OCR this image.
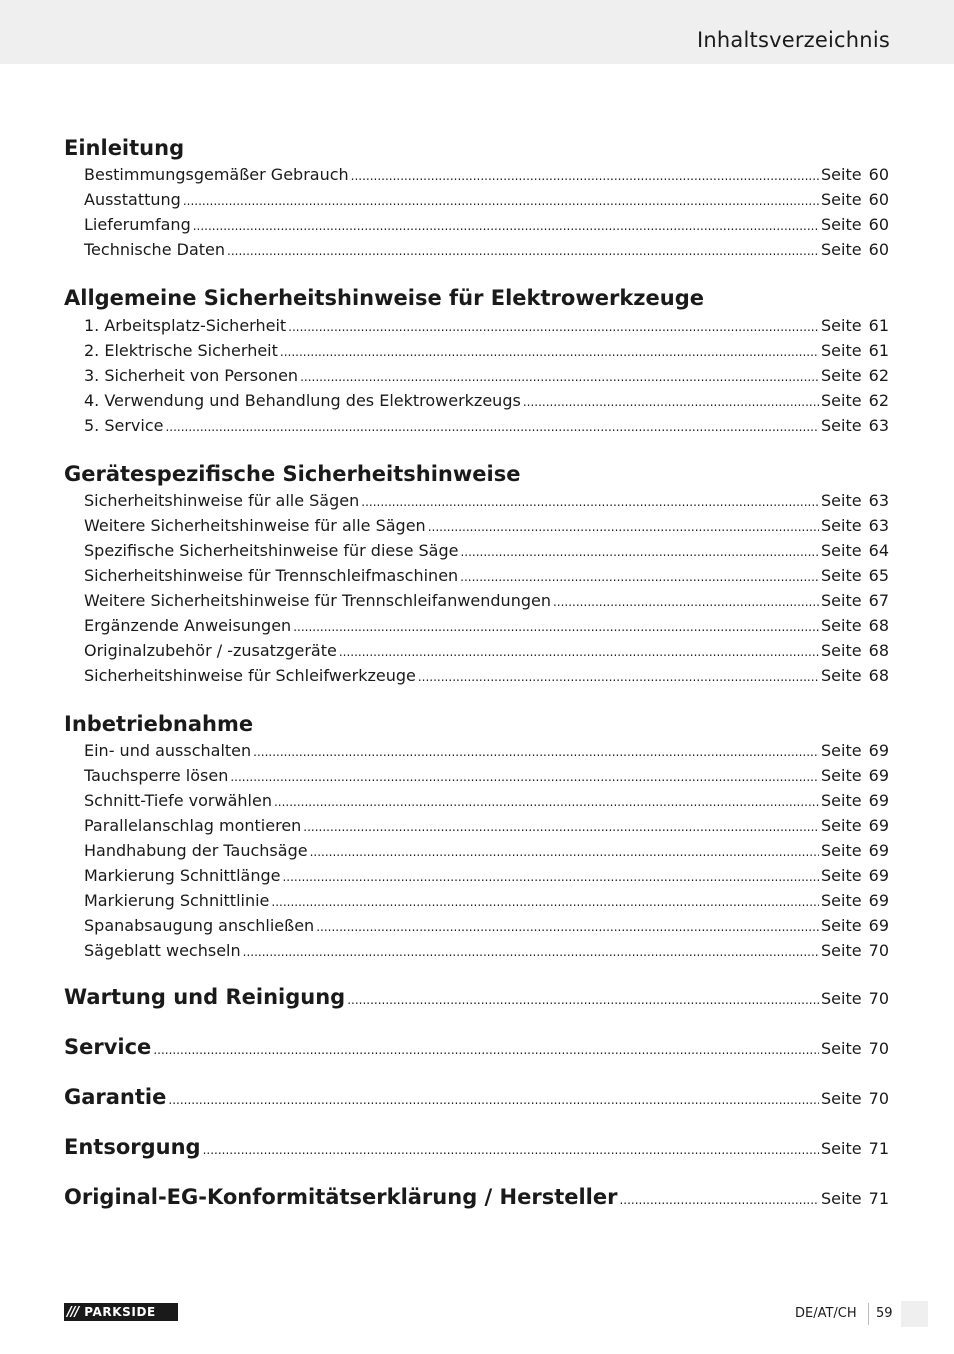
Inhaltsverzeichnis
Einleitung
Bestimmungsgemäßer Gebrauch .....	Seite 60
Ausstattung .....	Seite 60
Lieferumfang .....	Seite 60
Technische Daten .....	Seite 60
Allgemeine Sicherheitshinweise für Elektrowerkzeuge
1. Arbeitsplatz-Sicherheit .....	Seite 61
2. Elektrische Sicherheit .....	Seite 61
3. Sicherheit von Personen .....	Seite 62
4. Verwendung und Behandlung des Elektrowerkzeugs .....	Seite 62
5. Service .....	Seite 63
Gerätespezifische Sicherheitshinweise
Sicherheitshinweise für alle Sägen .....	Seite 63
Weitere Sicherheitshinweise für alle Sägen .....	Seite 63
Spezifische Sicherheitshinweise für diese Säge .....	Seite 64
Sicherheitshinweise für Trennschleifmaschinen .....	Seite 65
Weitere Sicherheitshinweise für Trennschleifanwendungen .....	Seite 67
Ergänzende Anweisungen .....	Seite 68
Originalzubehör / -zusatzgeräte .....	Seite 68
Sicherheitshinweise für Schleifwerkzeuge .....	Seite 68
Inbetriebnahme
Ein- und ausschalten .....	Seite 69
Tauchsperre lösen .....	Seite 69
Schnitt-Tiefe vorwählen .....	Seite 69
Parallelanschlag montieren .....	Seite 69
Handhabung der Tauchsäge .....	Seite 69
Markierung Schnittlänge .....	Seite 69
Markierung Schnittlinie .....	Seite 69
Spanabsaugung anschließen .....	Seite 69
Sägeblatt wechseln .....	Seite 70
Wartung und Reinigung .....	Seite 70
Service .....	Seite 70
Garantie .....	Seite 70
Entsorgung .....	Seite 71
Original-EG-Konformitätserklärung / Hersteller .....	Seite 71
/// PARKSIDE	DE/AT/CH 59
